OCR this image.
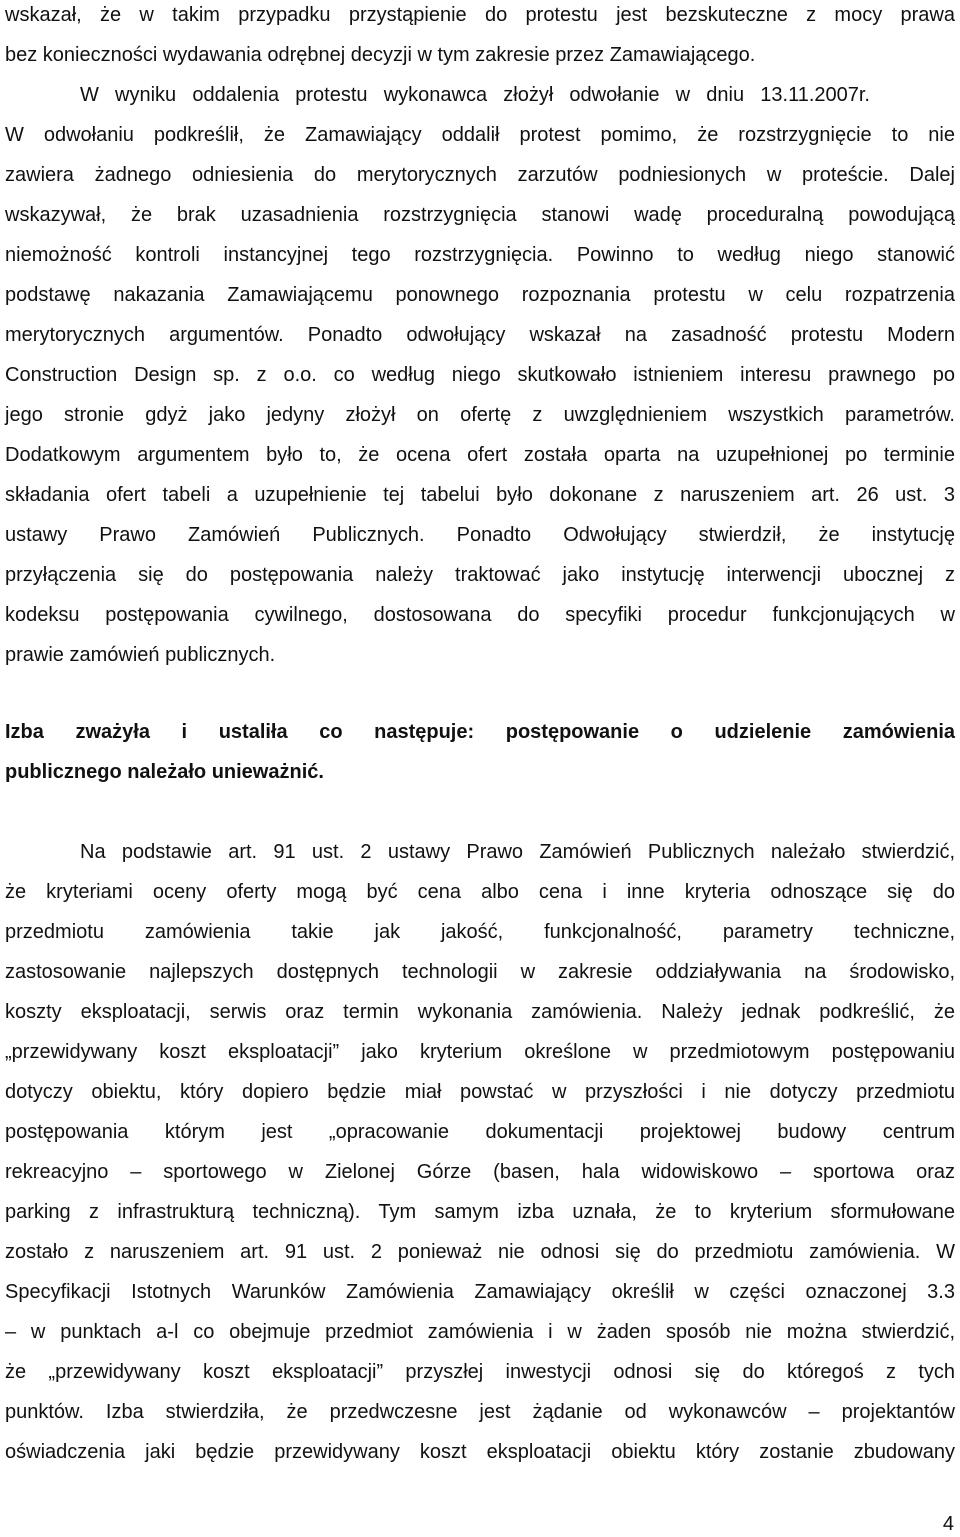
wskazał, że w takim przypadku przystąpienie do protestu jest bezskuteczne z mocy prawa
bez konieczności wydawania odrębnej decyzji w tym zakresie przez Zamawiającego.
W wyniku oddalenia protestu wykonawca złożył odwołanie w dniu 13.11.2007r.
W odwołaniu podkreślił, że Zamawiający oddalił protest pomimo, że rozstrzygnięcie to nie
zawiera żadnego odniesienia do merytorycznych zarzutów podniesionych w proteście. Dalej
wskazywał, że brak uzasadnienia rozstrzygnięcia stanowi wadę proceduralną powodującą
niemożność kontroli instancyjnej tego rozstrzygnięcia. Powinno to według niego stanowić
podstawę nakazania Zamawiającemu ponownego rozpoznania protestu w celu rozpatrzenia
merytorycznych argumentów. Ponadto odwołujący wskazał na zasadność protestu Modern
Construction Design sp. z o.o. co według niego skutkowało istnieniem interesu prawnego po
jego stronie gdyż jako jedyny złożył on ofertę z uwzględnieniem wszystkich parametrów.
Dodatkowym argumentem było to, że ocena ofert została oparta na uzupełnionej po terminie
składania ofert tabeli a uzupełnienie tej tabelui było dokonane z naruszeniem art. 26 ust. 3
ustawy Prawo Zamówień Publicznych. Ponadto Odwołujący stwierdził, że instytucję
przyłączenia się do postępowania należy traktować jako instytucję interwencji ubocznej z
kodeksu postępowania cywilnego, dostosowana do specyfiki procedur funkcjonujących w
prawie zamówień publicznych.
Izba zważyła i ustaliła co następuje: postępowanie o udzielenie zamówienia
publicznego należało unieważnić.
Na podstawie art. 91 ust. 2 ustawy Prawo Zamówień Publicznych należało stwierdzić,
że kryteriami oceny oferty mogą być cena albo cena i inne kryteria odnoszące się do
przedmiotu zamówienia takie jak jakość, funkcjonalność, parametry techniczne,
zastosowanie najlepszych dostępnych technologii w zakresie oddziaływania na środowisko,
koszty eksploatacji, serwis oraz termin wykonania zamówienia. Należy jednak podkreślić, że
„przewidywany koszt eksploatacji” jako kryterium określone w przedmiotowym postępowaniu
dotyczy obiektu, który dopiero będzie miał powstać w przyszłości i nie dotyczy przedmiotu
postępowania którym jest „opracowanie dokumentacji projektowej budowy centrum
rekreacyjno – sportowego w Zielonej Górze (basen, hala widowiskowo – sportowa oraz
parking z infrastrukturą techniczną). Tym samym izba uznała, że to kryterium sformułowane
zostało z naruszeniem art. 91 ust. 2 ponieważ nie odnosi się do przedmiotu zamówienia. W
Specyfikacji Istotnych Warunków Zamówienia Zamawiający określił w części oznaczonej 3.3
– w punktach a-l co obejmuje przedmiot zamówienia i w żaden sposób nie można stwierdzić,
że „przewidywany koszt eksploatacji” przyszłej inwestycji odnosi się do któregoś z tych
punktów. Izba stwierdziła, że przedwczesne jest żądanie od wykonawców – projektantów
oświadczenia jaki będzie przewidywany koszt eksploatacji obiektu który zostanie zbudowany
4
